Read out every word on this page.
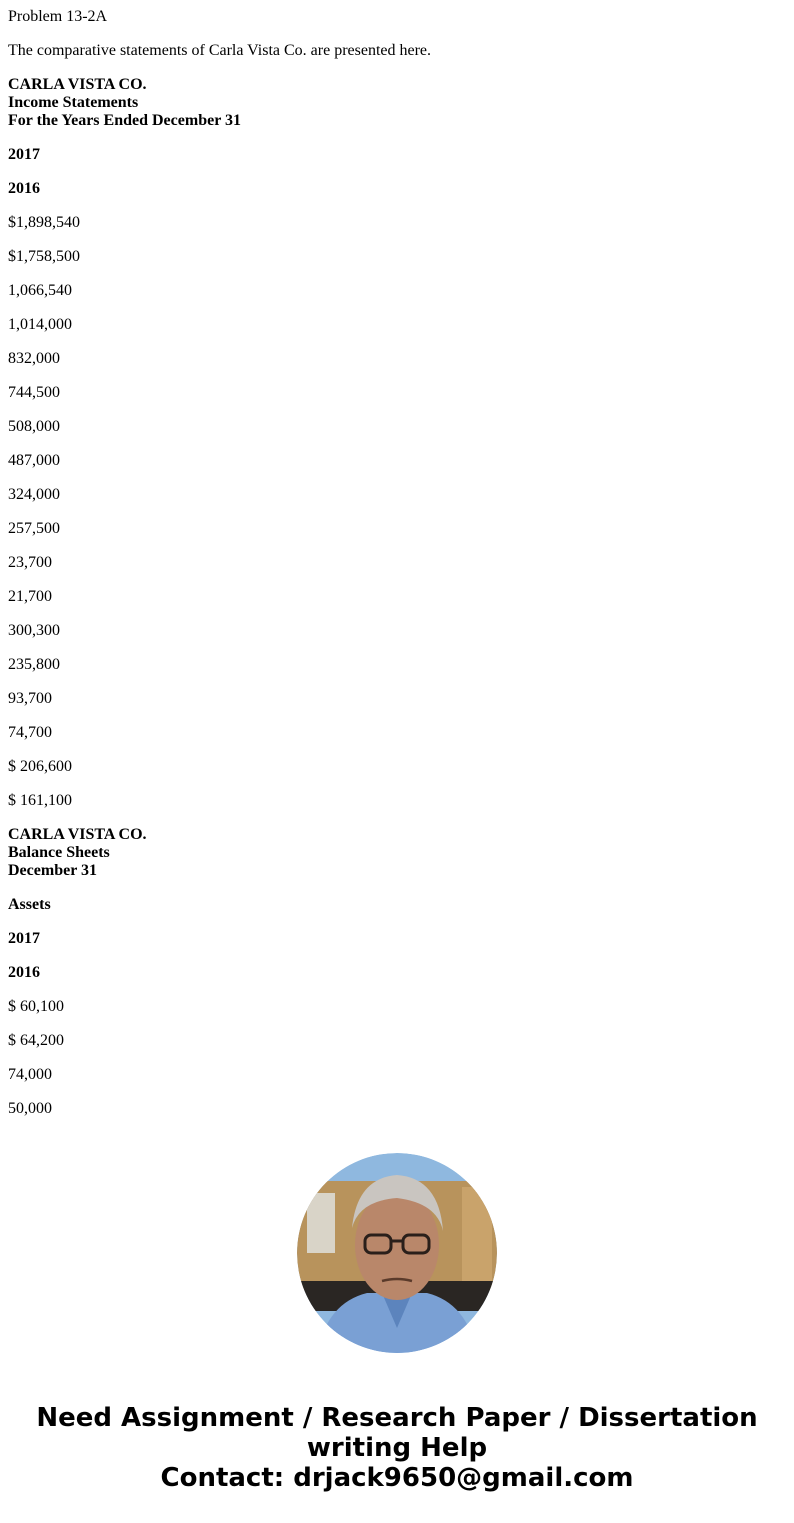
Problem 13-2A

The comparative statements of Carla Vista Co. are presented here.

CARLA VISTA CO.
Income Statements
For the Years Ended December 31

2017

2016

$1,898,540

$1,758,500

1,066,540

1,014,000

832,000

744,500

508,000

487,000

324,000

257,500

23,700

21,700

300,300

235,800

93,700

74,700

$ 206,600

$ 161,100

CARLA VISTA CO.
Balance Sheets
December 31

Assets

2017

2016

$ 60,100

$ 64,200

74,000

50,000

Need Assignment / Research Paper / Dissertation
writing Help
Contact: drjack9650@gmail.com
